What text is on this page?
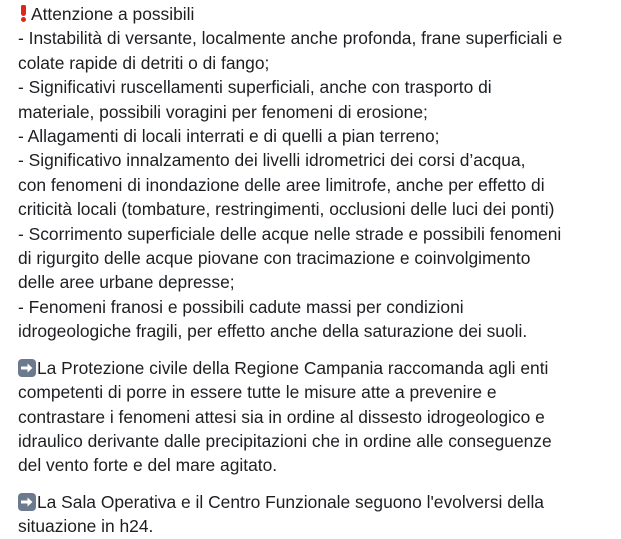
Attenzione a possibili
- Instabilità di versante, localmente anche profonda, frane superficiali e
colate rapide di detriti o di fango;
- Significativi ruscellamenti superficiali, anche con trasporto di
materiale, possibili voragini per fenomeni di erosione;
- Allagamenti di locali interrati e di quelli a pian terreno;
- Significativo innalzamento dei livelli idrometrici dei corsi d’acqua,
con fenomeni di inondazione delle aree limitrofe, anche per effetto di
criticità locali (tombature, restringimenti, occlusioni delle luci dei ponti)
- Scorrimento superficiale delle acque nelle strade e possibili fenomeni
di rigurgito delle acque piovane con tracimazione e coinvolgimento
delle aree urbane depresse;
- Fenomeni franosi e possibili cadute massi per condizioni
idrogeologiche fragili, per effetto anche della saturazione dei suoli.
La Protezione civile della Regione Campania raccomanda agli enti
competenti di porre in essere tutte le misure atte a prevenire e
contrastare i fenomeni attesi sia in ordine al dissesto idrogeologico e
idraulico derivante dalle precipitazioni che in ordine alle conseguenze
del vento forte e del mare agitato.
La Sala Operativa e il Centro Funzionale seguono l'evolversi della
situazione in h24.
